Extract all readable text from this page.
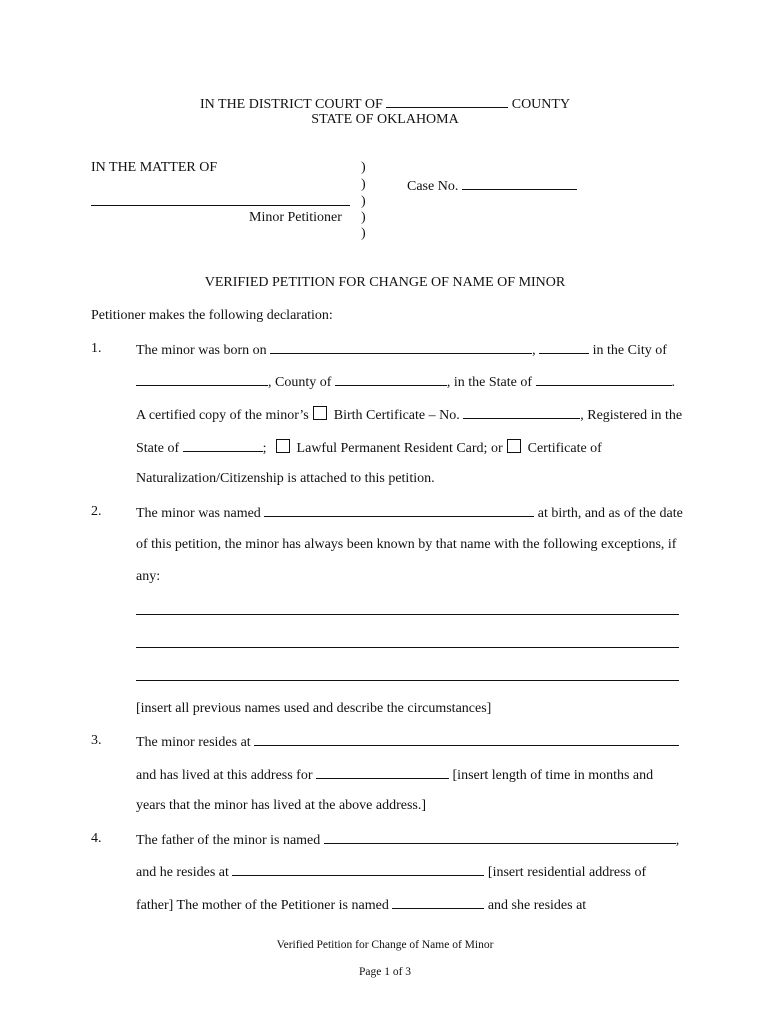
IN THE DISTRICT COURT OF	COUNTY
STATE OF OKLAHOMA
IN THE MATTER OF
Minor Petitioner
)
)
)
)
)
Case No.
VERIFIED PETITION FOR CHANGE OF NAME OF MINOR
Petitioner makes the following declaration:
1. The minor was born on	,	in the City of
, County of	, in the State of	.
A certified copy of the minor’s Birth Certificate – No.	, Registered in the
State of	; Lawful Permanent Resident Card; or Certificate of
Naturalization/Citizenship is attached to this petition.
2. The minor was named	at birth, and as of the date
of this petition, the minor has always been known by that name with the following exceptions, if
any:
[insert all previous names used and describe the circumstances]
3. The minor resides at
and has lived at this address for	[insert length of time in months and
years that the minor has lived at the above address.]
4. The father of the minor is named	,
and he resides at	[insert residential address of
father] The mother of the Petitioner is named	and she resides at
Verified Petition for Change of Name of Minor
Page 1 of 3
